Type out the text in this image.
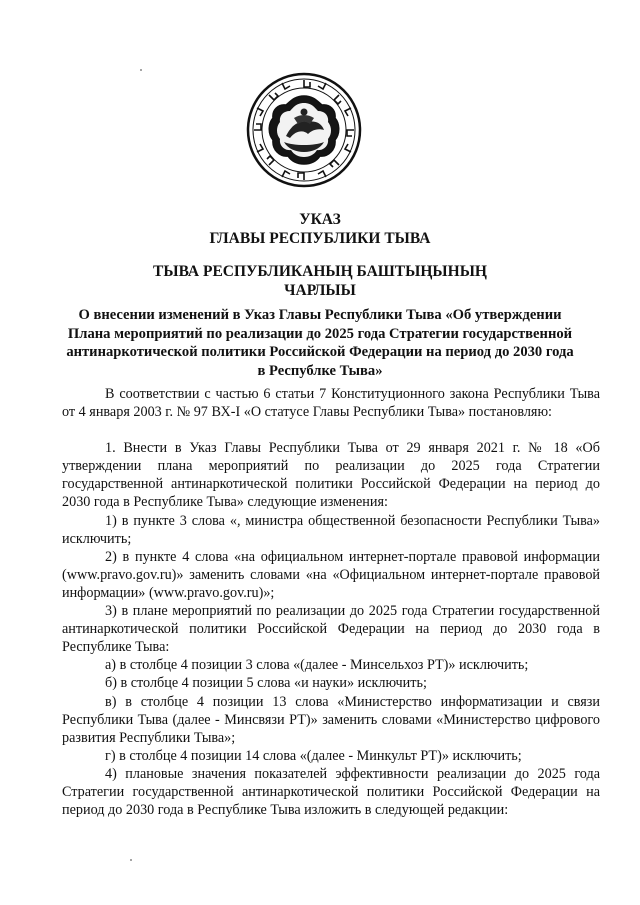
УКАЗ
ГЛАВЫ РЕСПУБЛИКИ ТЫВА
ТЫВА РЕСПУБЛИКАНЫҢ БАШТЫҢЫНЫҢ
ЧАРЛЫЫ
О внесении изменений в Указ Главы Республики Тыва «Об утверждении
Плана мероприятий по реализации до 2025 года Стратегии государственной
антинаркотической политики Российской Федерации на период до 2030 года
в Республке Тыва»

В соответствии с частью 6 статьи 7 Конституционного закона Республики Тыва от 4 января 2003 г. № 97 ВХ-I «О статусе Главы Республики Тыва» постановляю:

1. Внести в Указ Главы Республики Тыва от 29 января 2021 г. № 18 «Об утверждении плана мероприятий по реализации до 2025 года Стратегии государственной антинаркотической политики Российской Федерации на период до 2030 года в Республике Тыва» следующие изменения:

1) в пункте 3 слова «, министра общественной безопасности Республики Тыва» исключить;

2) в пункте 4 слова «на официальном интернет-портале правовой информации (www.pravo.gov.ru)» заменить словами «на «Официальном интернет-портале правовой информации» (www.pravo.gov.ru)»;

3) в плане мероприятий по реализации до 2025 года Стратегии государственной антинаркотической политики Российской Федерации на период до 2030 года в Республике Тыва:

а) в столбце 4 позиции 3 слова «(далее - Минсельхоз РТ)» исключить;

б) в столбце 4 позиции 5 слова «и науки» исключить;

в) в столбце 4 позиции 13 слова «Министерство информатизации и связи Республики Тыва (далее - Минсвязи РТ)» заменить словами «Министерство цифрового развития Республики Тыва»;

г) в столбце 4 позиции 14 слова «(далее - Минкульт РТ)» исключить;

4) плановые значения показателей эффективности реализации до 2025 года Стратегии государственной антинаркотической политики Российской Федерации на период до 2030 года в Республике Тыва изложить в следующей редакции:
